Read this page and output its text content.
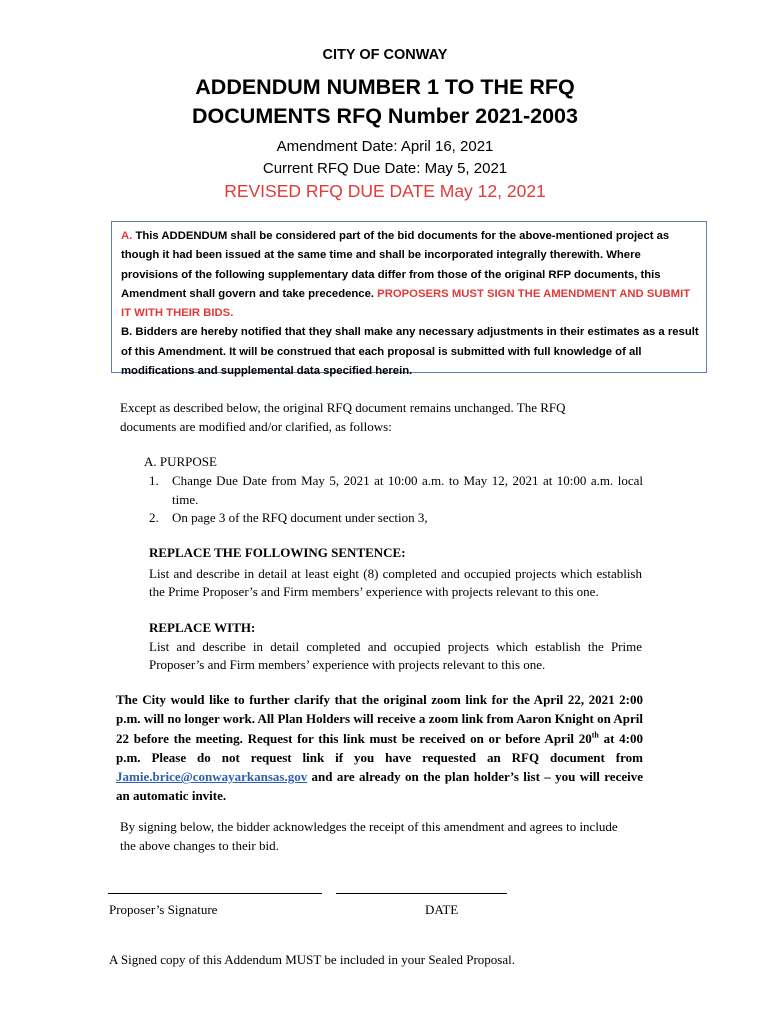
CITY OF CONWAY
ADDENDUM NUMBER 1 TO THE RFQ
DOCUMENTS RFQ Number 2021-2003
Amendment Date: April 16, 2021
Current RFQ Due Date: May 5, 2021
REVISED RFQ DUE DATE May 12, 2021
A. This ADDENDUM shall be considered part of the bid documents for the above-mentioned project as though it had been issued at the same time and shall be incorporated integrally therewith. Where provisions of the following supplementary data differ from those of the original RFP documents, this Amendment shall govern and take precedence. PROPOSERS MUST SIGN THE AMENDMENT AND SUBMIT IT WITH THEIR BIDS.
B. Bidders are hereby notified that they shall make any necessary adjustments in their estimates as a result of this Amendment. It will be construed that each proposal is submitted with full knowledge of all modifications and supplemental data specified herein.
Except as described below, the original RFQ document remains unchanged. The RFQ documents are modified and/or clarified, as follows:
A. PURPOSE
1.	Change Due Date from May 5, 2021 at 10:00 a.m. to May 12, 2021 at 10:00 a.m. local time.
2.	On page 3 of the RFQ document under section 3,
REPLACE THE FOLLOWING SENTENCE:
List and describe in detail at least eight (8) completed and occupied projects which establish the Prime Proposer’s and Firm members’ experience with projects relevant to this one.
REPLACE WITH:
List and describe in detail completed and occupied projects which establish the Prime Proposer’s and Firm members’ experience with projects relevant to this one.
The City would like to further clarify that the original zoom link for the April 22, 2021 2:00 p.m. will no longer work. All Plan Holders will receive a zoom link from Aaron Knight on April 22 before the meeting. Request for this link must be received on or before April 20th at 4:00 p.m. Please do not request link if you have requested an RFQ document from Jamie.brice@conwayarkansas.gov and are already on the plan holder’s list – you will receive an automatic invite.
By signing below, the bidder acknowledges the receipt of this amendment and agrees to include the above changes to their bid.
Proposer’s Signature	DATE
A Signed copy of this Addendum MUST be included in your Sealed Proposal.
